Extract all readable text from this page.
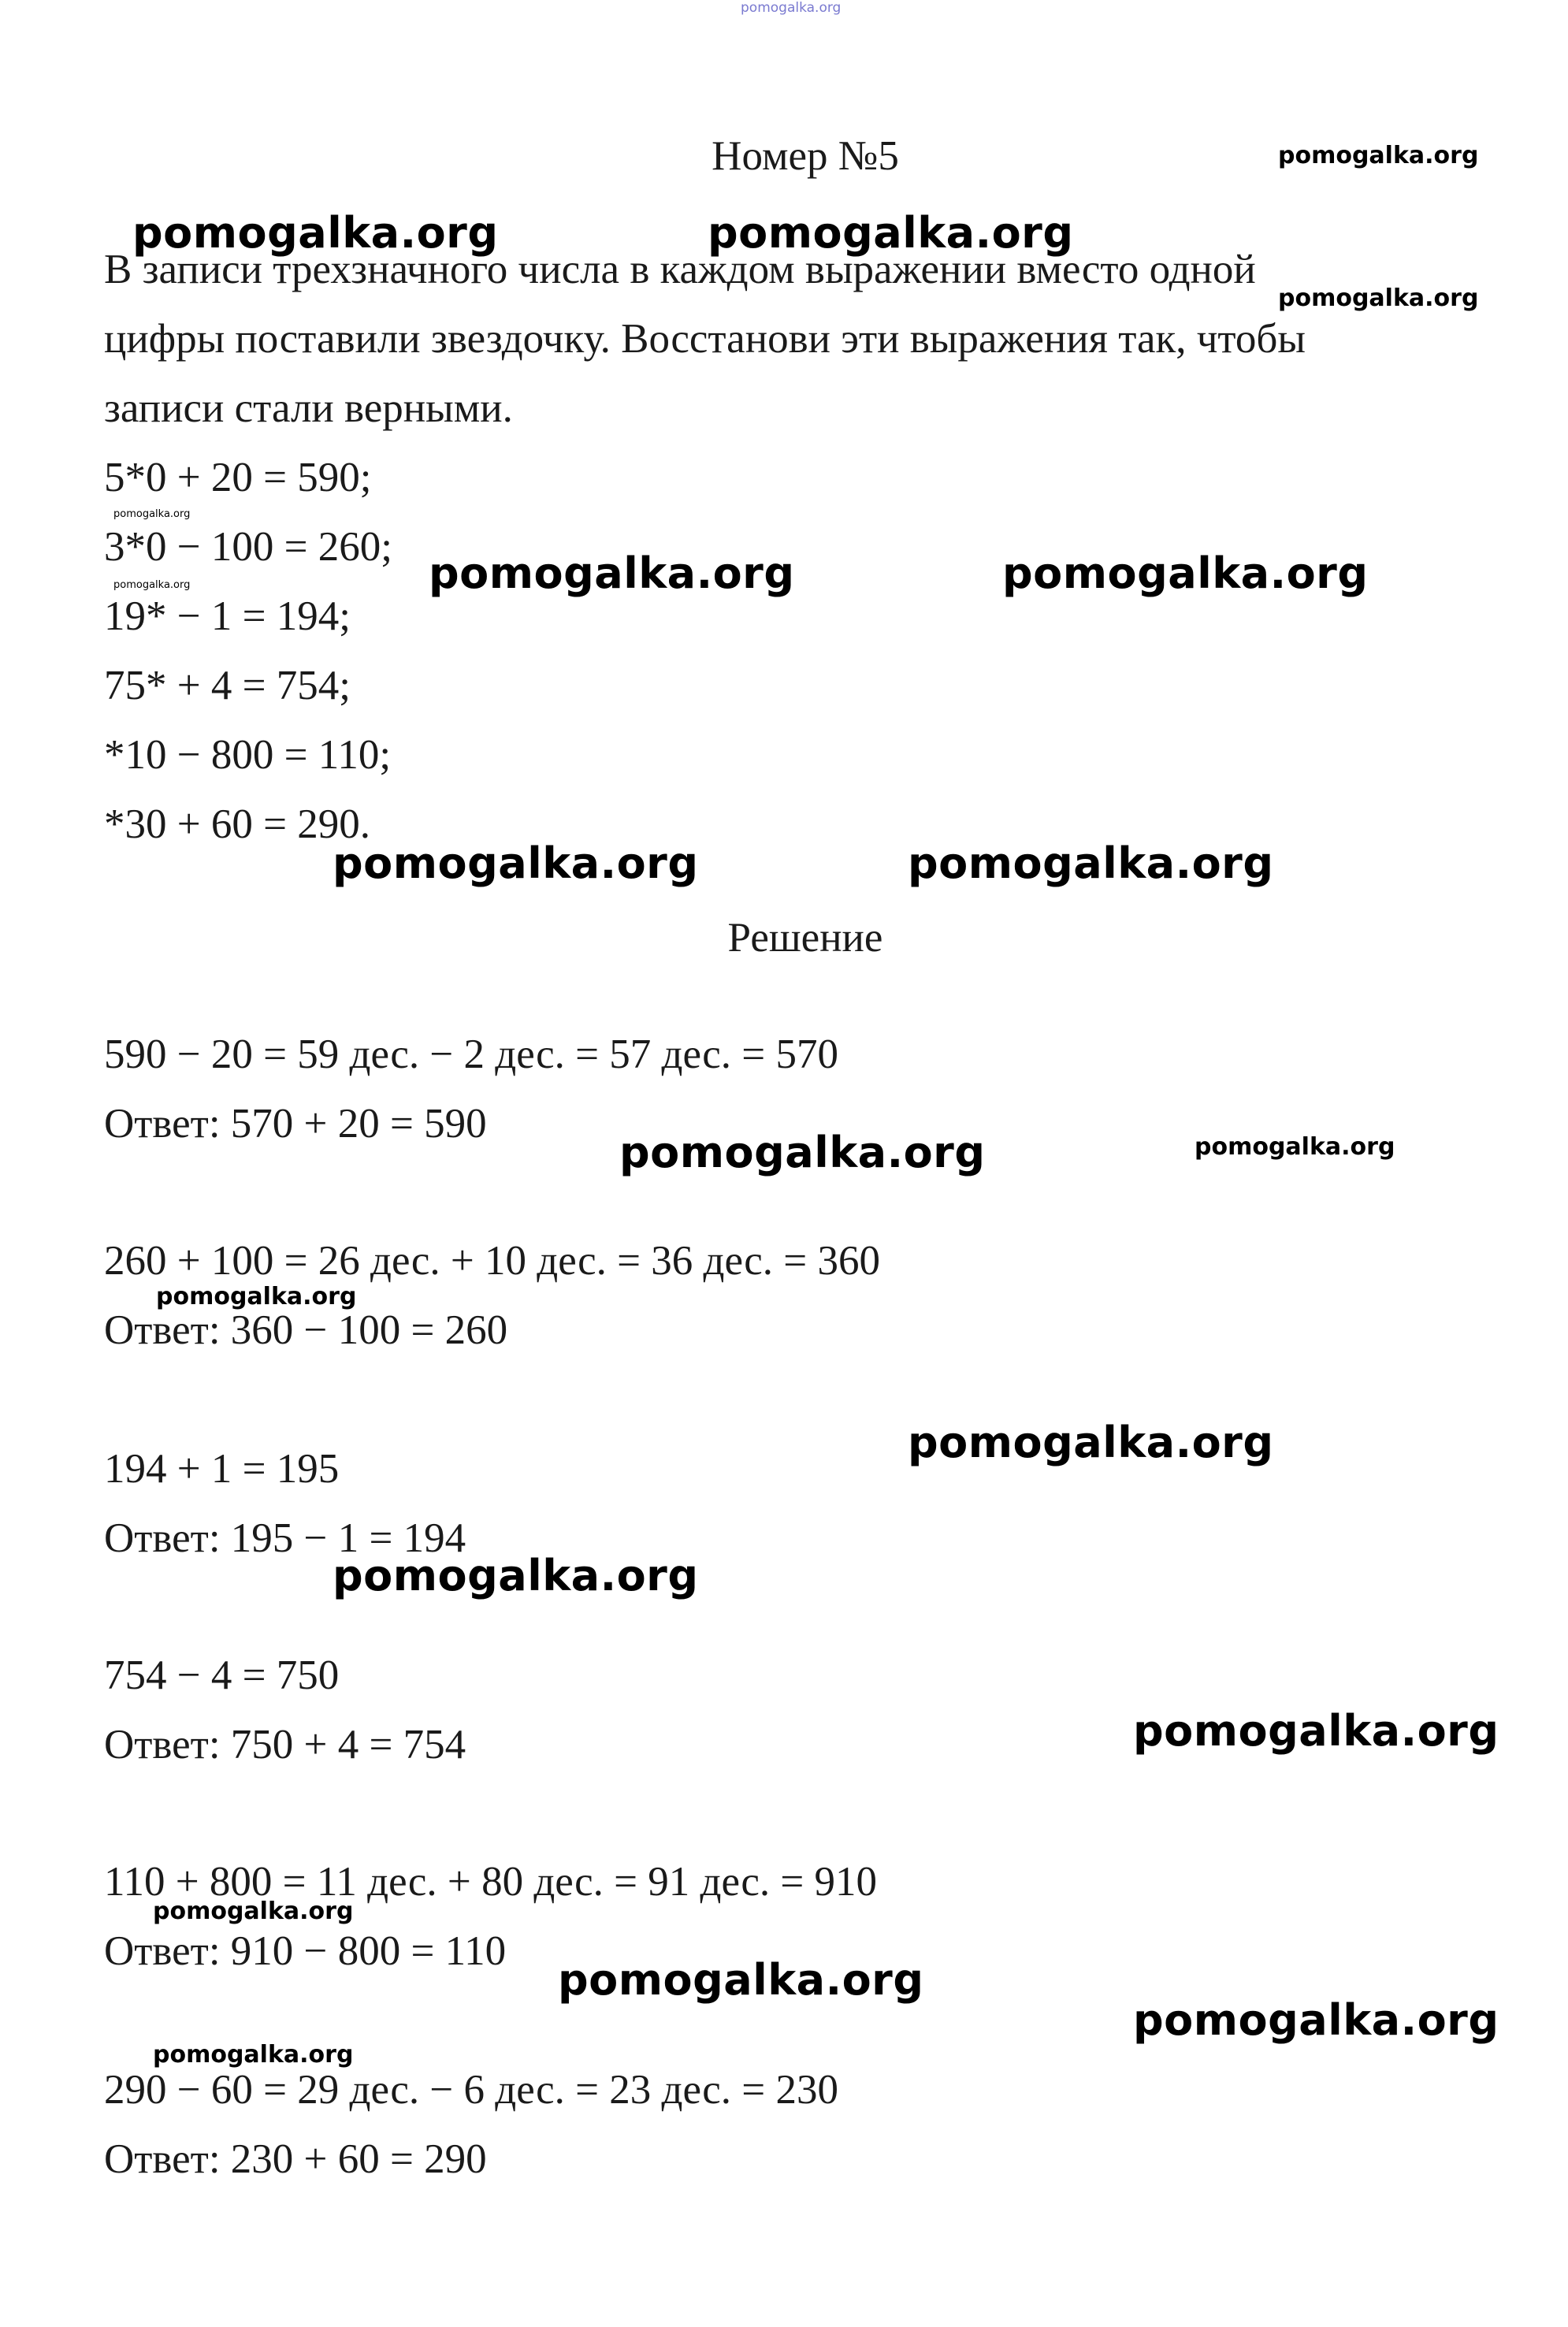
Номер №5
В записи трехзначного числа в каждом выражении вместо одной
цифры поставили звездочку. Восстанови эти выражения так, чтобы
записи стали верными.
5*0 + 20 = 590;
3*0 − 100 = 260;
19* − 1 = 194;
75* + 4 = 754;
*10 − 800 = 110;
*30 + 60 = 290.
Решение
590 − 20 = 59 дес. − 2 дес. = 57 дес. = 570
Ответ: 570 + 20 = 590
260 + 100 = 26 дес. + 10 дес. = 36 дес. = 360
Ответ: 360 − 100 = 260
194 + 1 = 195
Ответ: 195 − 1 = 194
754 − 4 = 750
Ответ: 750 + 4 = 754
110 + 800 = 11 дес. + 80 дес. = 91 дес. = 910
Ответ: 910 − 800 = 110
290 − 60 = 29 дес. − 6 дес. = 23 дес. = 230
Ответ: 230 + 60 = 290
pomogalka.org
pomogalka.org
pomogalka.org	pomogalka.org
pomogalka.org
pomogalka.org
pomogalka.org	pomogalka.org
pomogalka.org
pomogalka.org	pomogalka.org
pomogalka.org	pomogalka.org
pomogalka.org
pomogalka.org
pomogalka.org
pomogalka.org
pomogalka.org
pomogalka.org
pomogalka.org
pomogalka.org
